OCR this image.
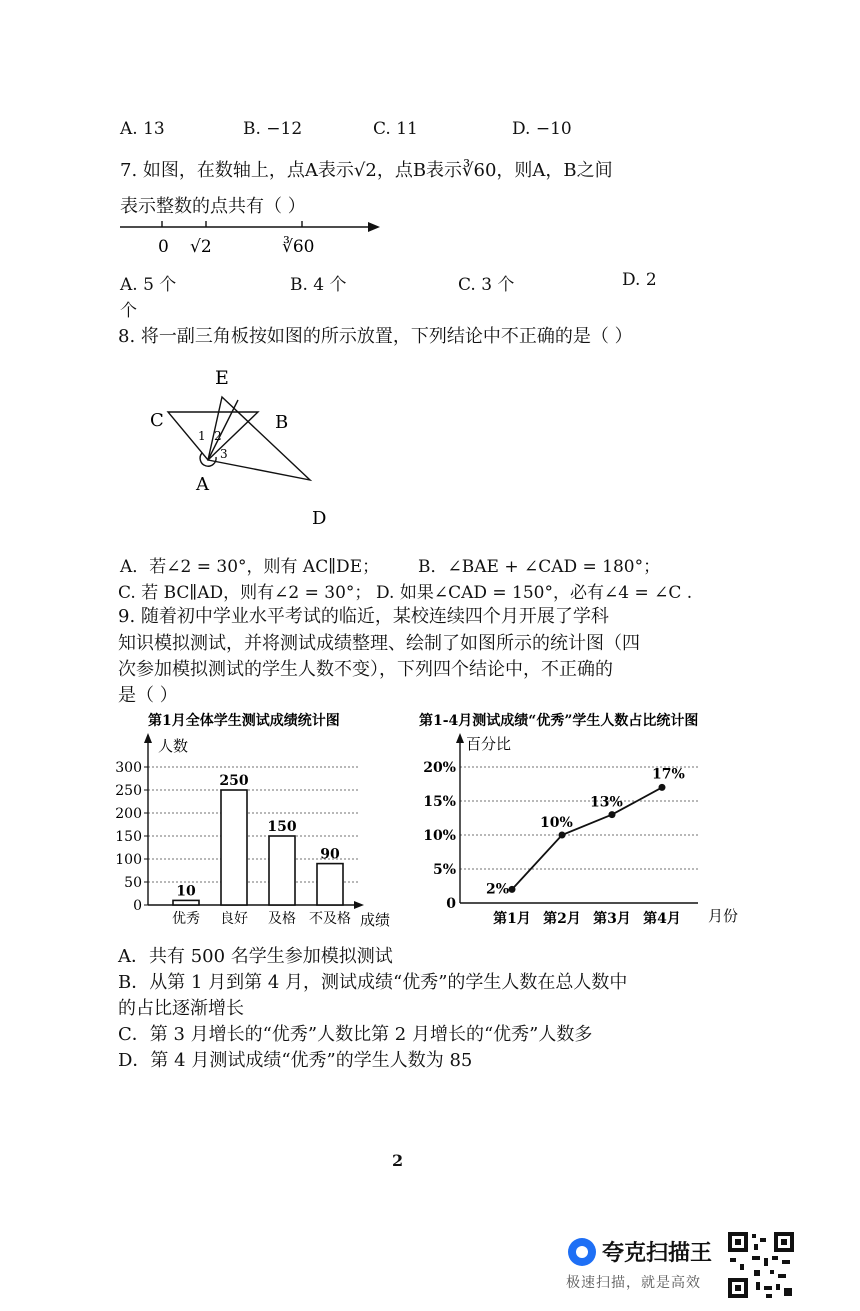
A. 13	B. −12	C. 11	D. −10
7. 如图，在数轴上，点A表示√2，点B表示∛60，则A，B之间
表示整数的点共有（ ）
0 √2	∛60
A. 5 个	B. 4 个	C. 3 个	D. 2
个
8. 将一副三角板按如图的所示放置，下列结论中不正确的是（ ）
E
C	B
A
D
1 2
3
A．若∠2 = 30°，则有 AC∥DE； B．∠BAE + ∠CAD = 180°；
C. 若 BC∥AD，则有∠2 = 30°； D. 如果∠CAD = 150°，必有∠4 = ∠C .
9. 随着初中学业水平考试的临近，某校连续四个月开展了学科
知识模拟测试，并将测试成绩整理、绘制了如图所示的统计图（四
次参加模拟测试的学生人数不变），下列四个结论中，不正确的
是（ ）
第1月全体学生测试成绩统计图
人数
成绩
0
50
100
150
200
250
300
10
优秀
250
良好
150
及格
90
不及格
第1-4月测试成绩“优秀”学生人数占比统计图
百分比
月份
0
5%
10%
15%
20%
2%
第1月
10%
第2月
13%
第3月
17%
第4月
A．共有 500 名学生参加模拟测试
B．从第 1 月到第 4 月，测试成绩“优秀”的学生人数在总人数中
的占比逐渐增长
C．第 3 月增长的“优秀”人数比第 2 月增长的“优秀”人数多
D．第 4 月测试成绩“优秀”的学生人数为 85
2
夸克扫描王
极速扫描，就是高效
